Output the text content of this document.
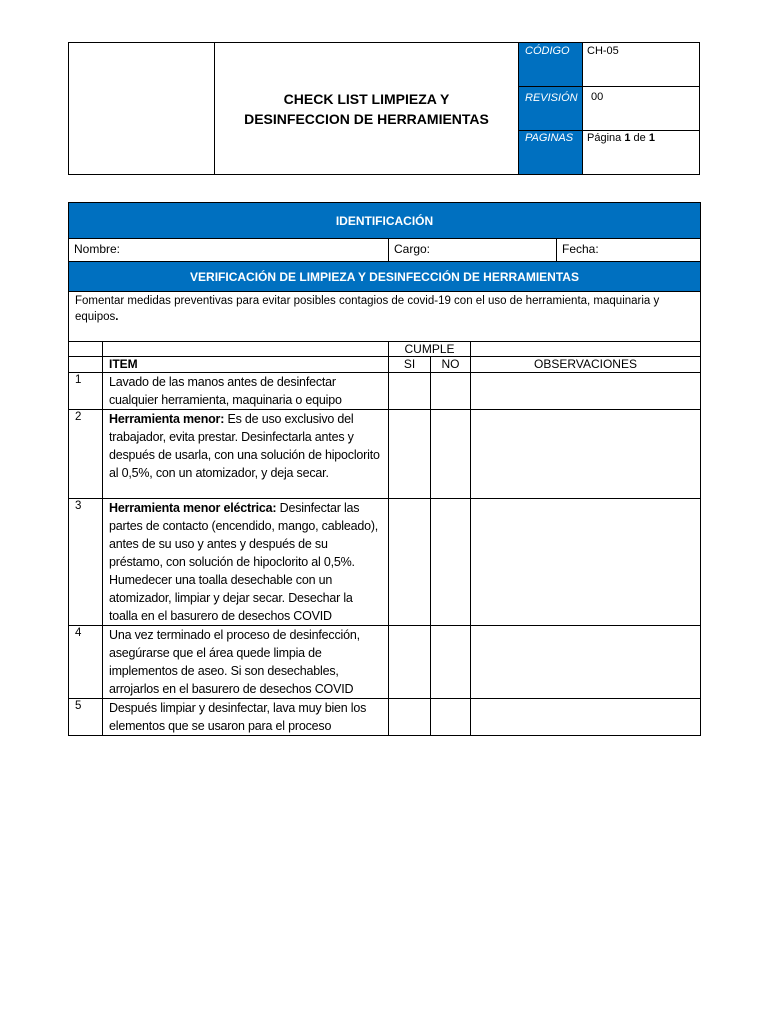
CHECK LIST LIMPIEZA Y
DESINFECCION DE HERRAMIENTAS
CÓDIGO	CH-05
REVISIÓN	00
PAGINAS	Página 1 de 1
IDENTIFICACIÓN					
Nombre:		Cargo:			Fecha:
VERIFICACIÓN DE LIMPIEZA Y DESINFECCIÓN DE HERRAMIENTAS					
Fomentar medidas preventivas para evitar posibles contagios de covid-19 con el uso de herramienta, maquinaria y equipos.					
		CUMPLE			
	ITEM	SI	NO	OBSERVACIONES	
1	Lavado de las manos antes de desinfectar cualquier herramienta, maquinaria o equipo				
2	Herramienta menor: Es de uso exclusivo del trabajador, evita prestar. Desinfectarla antes y después de usarla, con una solución de hipoclorito al 0,5%, con un atomizador, y deja secar.				
3	Herramienta menor eléctrica: Desinfectar las partes de contacto (encendido, mango, cableado), antes de su uso y antes y después de su préstamo, con solución de hipoclorito al 0,5%. Humedecer una toalla desechable con un atomizador, limpiar y dejar secar. Desechar la toalla en el basurero de desechos COVID				
4	Una vez terminado el proceso de desinfección, asegúrarse que el área quede limpia de implementos de aseo. Si son desechables, arrojarlos en el basurero de desechos COVID				
5	Después limpiar y desinfectar, lava muy bien los elementos que se usaron para el proceso				
